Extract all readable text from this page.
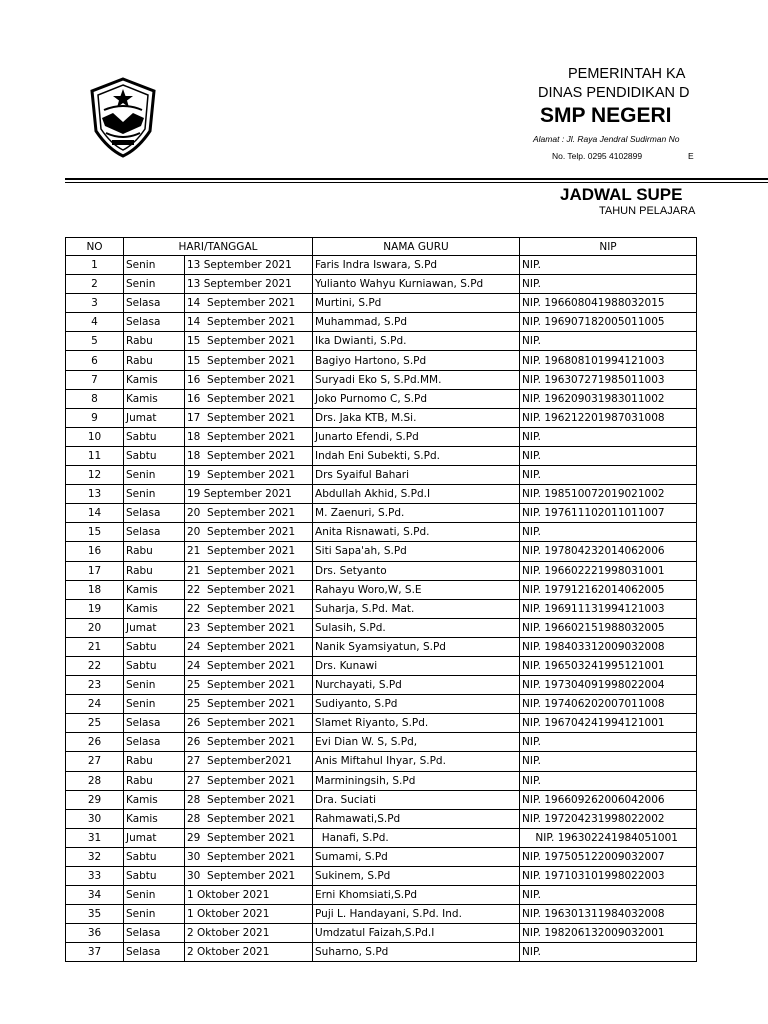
PEMERINTAH KA
DINAS PENDIDIKAN D
SMP NEGERI
Alamat : Jl. Raya Jendral Sudirman No
No. Telp. 0295 4102899	E
JADWAL SUPE
TAHUN PELAJARA
NO	HARI/TANGGAL		NAMA GURU	NIP
1	Senin	13 September 2021	Faris Indra Iswara, S.Pd	NIP.
2	Senin	13 September 2021	Yulianto Wahyu Kurniawan, S.Pd	NIP.
3	Selasa	14  September 2021	Murtini, S.Pd	NIP. 196608041988032015
4	Selasa	14  September 2021	Muhammad, S.Pd	NIP. 196907182005011005
5	Rabu	15  September 2021	Ika Dwianti, S.Pd.	NIP.
6	Rabu	15  September 2021	Bagiyo Hartono, S.Pd	NIP. 196808101994121003
7	Kamis	16  September 2021	Suryadi Eko S, S.Pd.MM.	NIP. 196307271985011003
8	Kamis	16  September 2021	Joko Purnomo C, S.Pd	NIP. 196209031983011002
9	Jumat	17  September 2021	Drs. Jaka KTB, M.Si.	NIP. 196212201987031008
10	Sabtu	18  September 2021	Junarto Efendi, S.Pd	NIP.
11	Sabtu	18  September 2021	Indah Eni Subekti, S.Pd.	NIP.
12	Senin	19  September 2021	Drs Syaiful Bahari	NIP.
13	Senin	19 September 2021	Abdullah Akhid, S.Pd.I	NIP. 198510072019021002
14	Selasa	20  September 2021	M. Zaenuri, S.Pd.	NIP. 197611102011011007
15	Selasa	20  September 2021	Anita Risnawati, S.Pd.	NIP.
16	Rabu	21  September 2021	Siti Sapa'ah, S.Pd	NIP. 197804232014062006
17	Rabu	21  September 2021	Drs. Setyanto	NIP. 196602221998031001
18	Kamis	22  September 2021	Rahayu Woro,W, S.E	NIP. 197912162014062005
19	Kamis	22  September 2021	Suharja, S.Pd. Mat.	NIP. 196911131994121003
20	Jumat	23  September 2021	Sulasih, S.Pd.	NIP. 196602151988032005
21	Sabtu	24  September 2021	Nanik Syamsiyatun, S.Pd	NIP. 198403312009032008
22	Sabtu	24  September 2021	Drs. Kunawi	NIP. 196503241995121001
23	Senin	25  September 2021	Nurchayati, S.Pd	NIP. 197304091998022004
24	Senin	25  September 2021	Sudiyanto, S.Pd	NIP. 197406202007011008
25	Selasa	26  September 2021	Slamet Riyanto, S.Pd.	NIP. 196704241994121001
26	Selasa	26  September 2021	Evi Dian W. S, S.Pd,	NIP.
27	Rabu	27  September2021	Anis Miftahul Ihyar, S.Pd.	NIP.
28	Rabu	27  September 2021	Marminingsih, S.Pd	NIP.
29	Kamis	28  September 2021	Dra. Suciati	NIP. 196609262006042006
30	Kamis	28  September 2021	Rahmawati,S.Pd	NIP. 197204231998022002
31	Jumat	29  September 2021	Hanafi, S.Pd.	NIP. 196302241984051001
32	Sabtu	30  September 2021	Sumami, S.Pd	NIP. 197505122009032007
33	Sabtu	30  September 2021	Sukinem, S.Pd	NIP. 197103101998022003
34	Senin	1 Oktober 2021	Erni Khomsiati,S.Pd	NIP.
35	Senin	1 Oktober 2021	Puji L. Handayani, S.Pd. Ind.	NIP. 196301311984032008
36	Selasa	2 Oktober 2021	Umdzatul Faizah,S.Pd.I	NIP. 198206132009032001
37	Selasa	2 Oktober 2021	Suharno, S.Pd	NIP.
